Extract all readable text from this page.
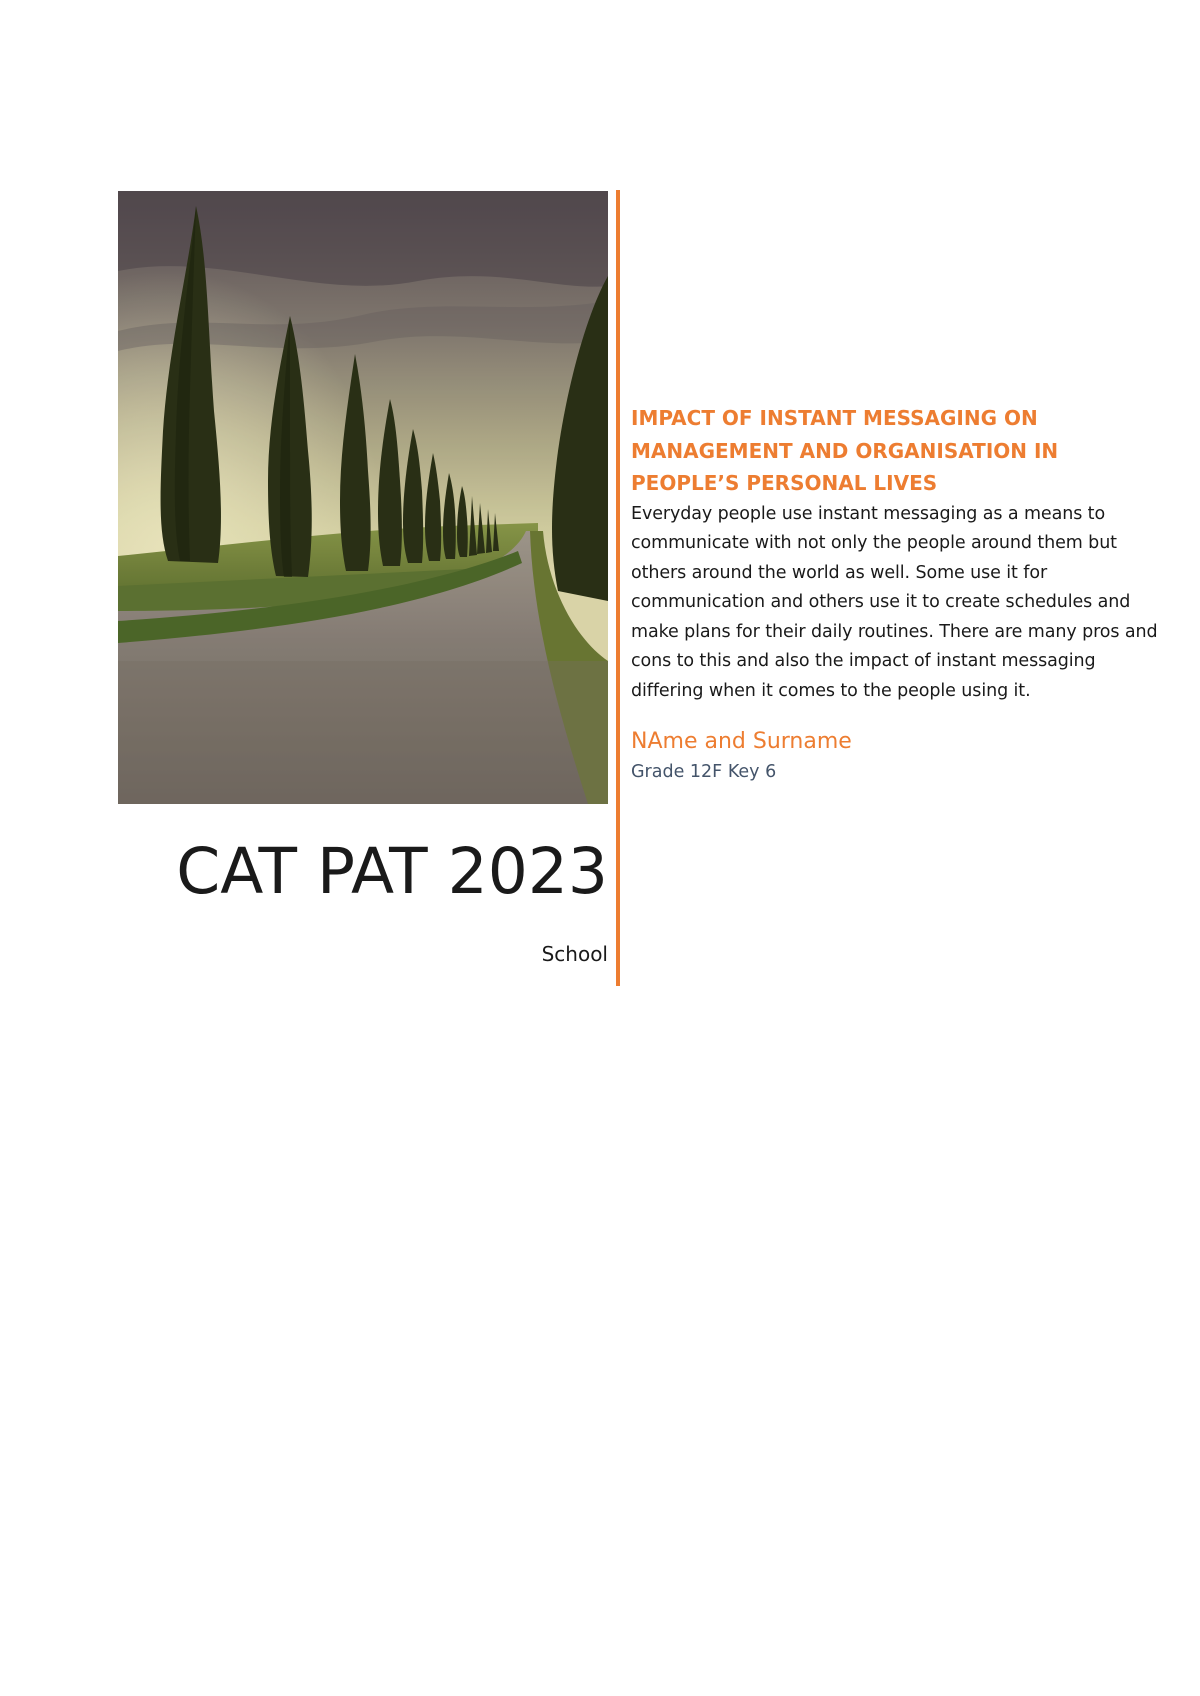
CAT PAT 2023
School
IMPACT OF INSTANT MESSAGING ON MANAGEMENT AND ORGANISATION IN PEOPLE’S PERSONAL LIVES

Everyday people use instant messaging as a means to communicate with not only the people around them but others around the world as well. Some use it for communication and others use it to create schedules and make plans for their daily routines. There are many pros and cons to this and also the impact of instant messaging differing when it comes to the people using it.

NAme and Surname
Grade 12F Key 6
